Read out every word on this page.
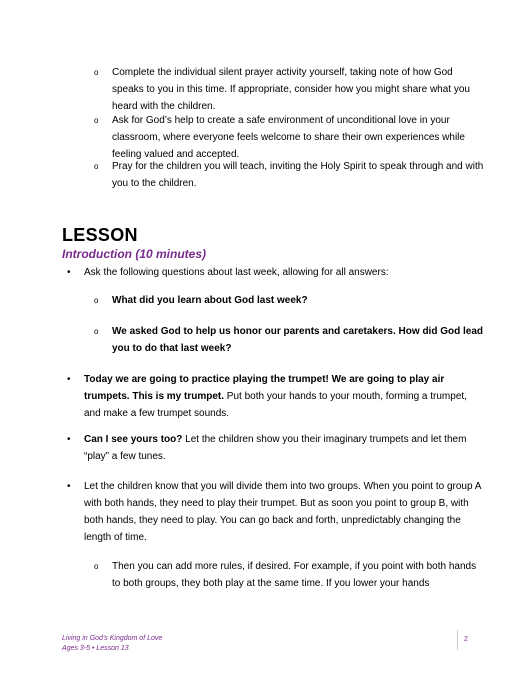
o Complete the individual silent prayer activity yourself, taking note of how God speaks to you in this time. If appropriate, consider how you might share what you heard with the children.

o Ask for God’s help to create a safe environment of unconditional love in your classroom, where everyone feels welcome to share their own experiences while feeling valued and accepted.

o Pray for the children you will teach, inviting the Holy Spirit to speak through and with you to the children.

LESSON
Introduction (10 minutes)
• Ask the following questions about last week, allowing for all answers:

o What did you learn about God last week?

o We asked God to help us honor our parents and caretakers. How did God lead you to do that last week?

• Today we are going to practice playing the trumpet! We are going to play air trumpets. This is my trumpet. Put both your hands to your mouth, forming a trumpet, and make a few trumpet sounds.

• Can I see yours too? Let the children show you their imaginary trumpets and let them “play” a few tunes.

• Let the children know that you will divide them into two groups. When you point to group A with both hands, they need to play their trumpet. But as soon you point to group B, with both hands, they need to play. You can go back and forth, unpredictably changing the length of time.

o Then you can add more rules, if desired. For example, if you point with both hands to both groups, they both play at the same time. If you lower your hands

Living in God’s Kingdom of Love
Ages 3-5 • Lesson 13
2
